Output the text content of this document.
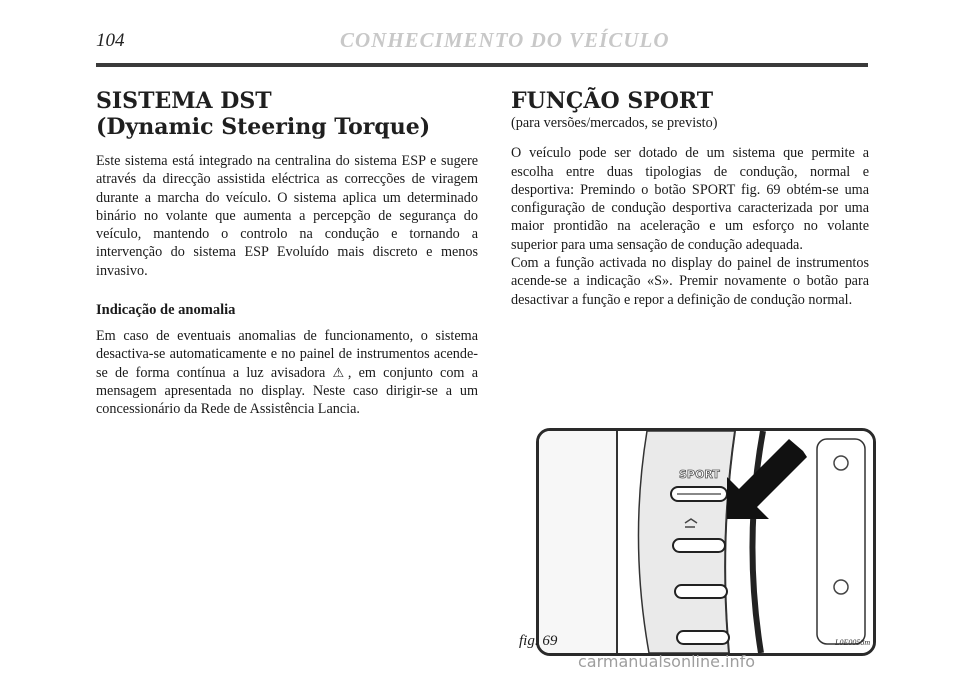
104	CONHECIMENTO DO VEÍCULO
SISTEMA DST
(Dynamic Steering Torque)

Este sistema está integrado na centralina do sistema ESP e sugere através da direcção assistida eléctrica as correcções de viragem durante a marcha do veículo. O sistema aplica um determinado binário no volante que aumenta a percepção de segurança do veículo, mantendo o controlo na condução e tornando a intervenção do sistema ESP Evoluído mais discreto e menos invasivo.

Indicação de anomalia

Em caso de eventuais anomalias de funcionamento, o sistema desactiva-se automaticamente e no painel de instrumentos acende-se de forma contínua a luz avisadora ⚠, em conjunto com a mensagem apresentada no display. Neste caso dirigir-se a um concessionário da Rede de Assistência Lancia.

FUNÇÃO SPORT
(para versões/mercados, se previsto)

O veículo pode ser dotado de um sistema que permite a escolha entre duas tipologias de condução, normal e desportiva: Premindo o botão SPORT fig. 69 obtém-se uma configuração de condução desportiva caracterizada por uma maior prontidão na aceleração e um esforço no volante superior para uma sensação de condução adequada.

Com a função activada no display do painel de instrumentos acende-se a indicação «S». Premir novamente o botão para desactivar a função e repor a definição de condução normal.

SPORT
fig. 69	L0E0058m
carmanualsonline.info
